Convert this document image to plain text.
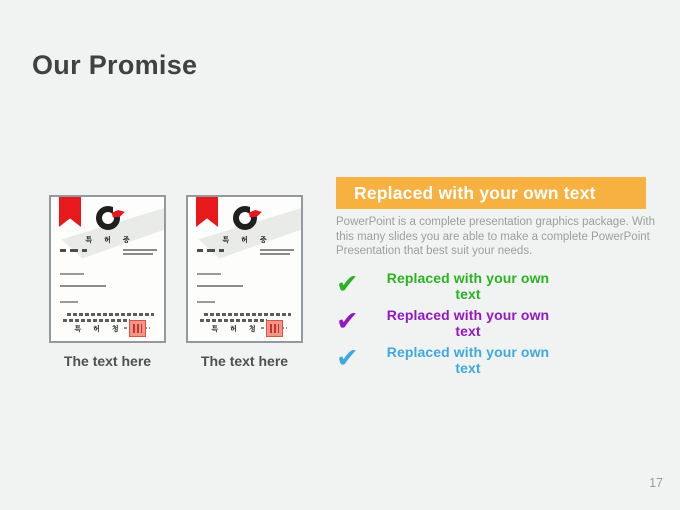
Our Promise
특 허 증
특 허 청
The text here
특 허 증
특 허 청
The text here
Replaced with your own text
PowerPoint is a complete presentation graphics package. With this many slides you are able to make a complete PowerPoint Presentation that best suit your needs.
✔	Replaced with your own text
✔	Replaced with your own text
✔	Replaced with your own text
17
